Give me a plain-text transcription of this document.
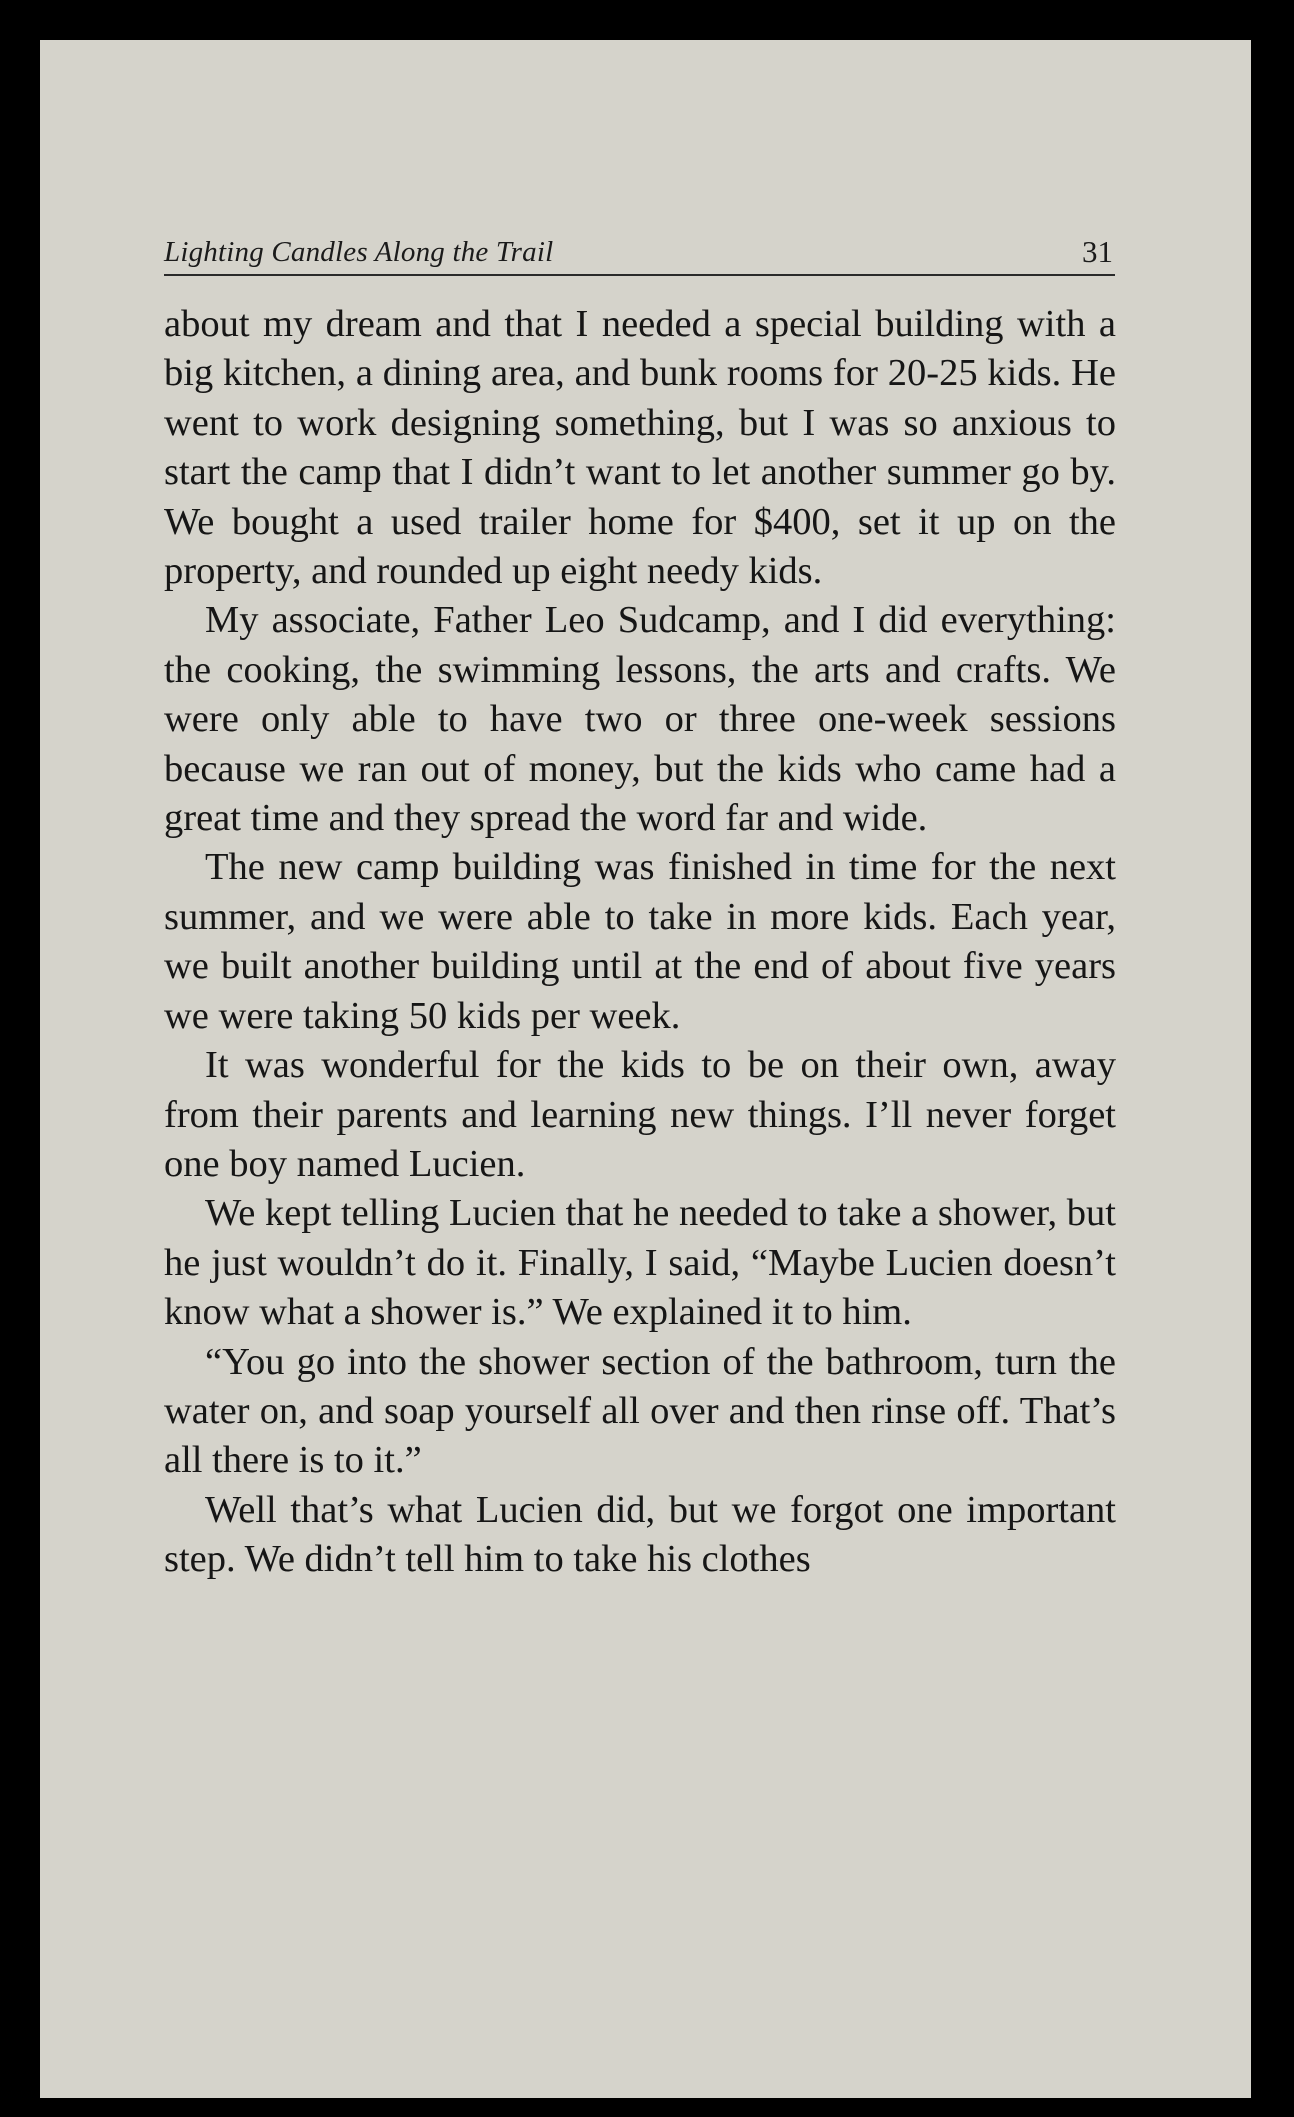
Lighting Candles Along the Trail	31

about my dream and that I needed a special building with a big kitchen, a dining area, and bunk rooms for 20-25 kids. He went to work designing something, but I was so anxious to start the camp that I didn’t want to let another summer go by. We bought a used trailer home for $400, set it up on the property, and rounded up eight needy kids.

My associate, Father Leo Sudcamp, and I did everything: the cooking, the swimming lessons, the arts and crafts. We were only able to have two or three one-week sessions because we ran out of money, but the kids who came had a great time and they spread the word far and wide.

The new camp building was finished in time for the next summer, and we were able to take in more kids. Each year, we built another building until at the end of about five years we were taking 50 kids per week.

It was wonderful for the kids to be on their own, away from their parents and learning new things. I’ll never forget one boy named Lucien.

We kept telling Lucien that he needed to take a shower, but he just wouldn’t do it. Finally, I said, “Maybe Lucien doesn’t know what a shower is.” We explained it to him.

“You go into the shower section of the bathroom, turn the water on, and soap yourself all over and then rinse off. That’s all there is to it.”

Well that’s what Lucien did, but we forgot one important step. We didn’t tell him to take his clothes
